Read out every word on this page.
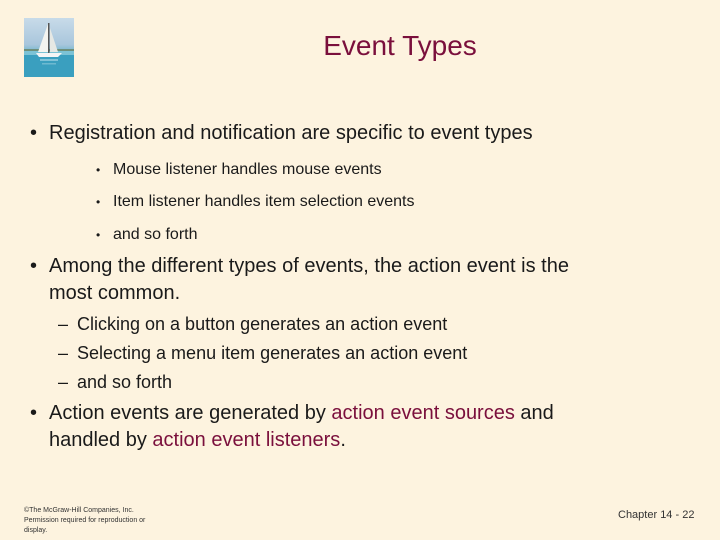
Event Types
• Registration and notification are specific to event types
• Mouse listener handles mouse events
• Item listener handles item selection events
• and so forth
• Among the different types of events, the action event is the
most common.
– Clicking on a button generates an action event
– Selecting a menu item generates an action event
– and so forth
• Action events are generated by action event sources and
handled by action event listeners.
©The McGraw-Hill Companies, Inc.
Permission required for reproduction or
display.
Chapter 14 - 22
